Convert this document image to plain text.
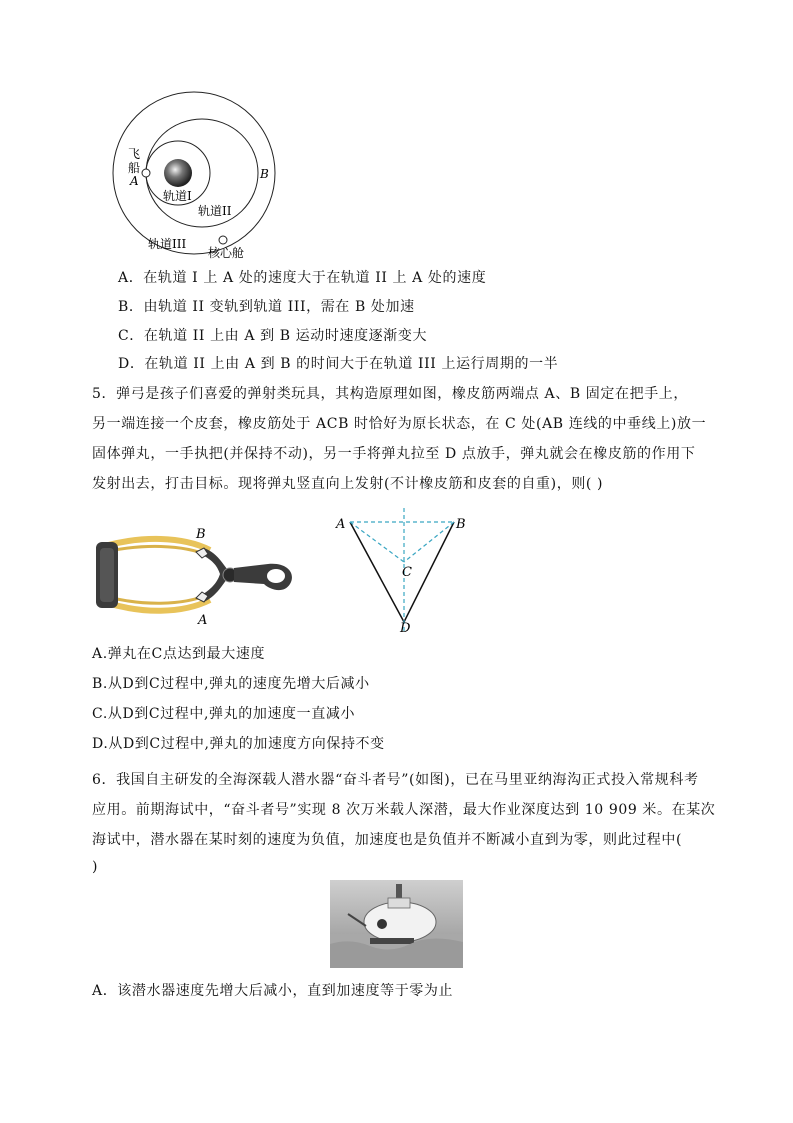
飞
船
A	B
轨道I
轨道II
轨道III
核心舱
A．在轨道 I 上 A 处的速度大于在轨道 II 上 A 处的速度
B．由轨道 II 变轨到轨道 III，需在 B 处加速
C．在轨道 II 上由 A 到 B 运动时速度逐渐变大
D．在轨道 II 上由 A 到 B 的时间大于在轨道 III 上运行周期的一半
5．弹弓是孩子们喜爱的弹射类玩具，其构造原理如图，橡皮筋两端点 A、B 固定在把手上，
另一端连接一个皮套，橡皮筋处于 ACB 时恰好为原长状态，在 C 处(AB 连线的中垂线上)放一
固体弹丸，一手执把(并保持不动)，另一手将弹丸拉至 D 点放手，弹丸就会在橡皮筋的作用下
发射出去，打击目标。现将弹丸竖直向上发射(不计橡皮筋和皮套的自重)，则( )
B
A
A	B
C
D
A.弹丸在C点达到最大速度
B.从D到C过程中,弹丸的速度先增大后减小
C.从D到C过程中,弹丸的加速度一直减小
D.从D到C过程中,弹丸的加速度方向保持不变
6．我国自主研发的全海深载人潜水器“奋斗者号”(如图)，已在马里亚纳海沟正式投入常规科考
应用。前期海试中，“奋斗者号”实现 8 次万米载人深潜，最大作业深度达到 10 909 米。在某次
海试中，潜水器在某时刻的速度为负值，加速度也是负值并不断减小直到为零，则此过程中(
)
A．该潜水器速度先增大后减小，直到加速度等于零为止
